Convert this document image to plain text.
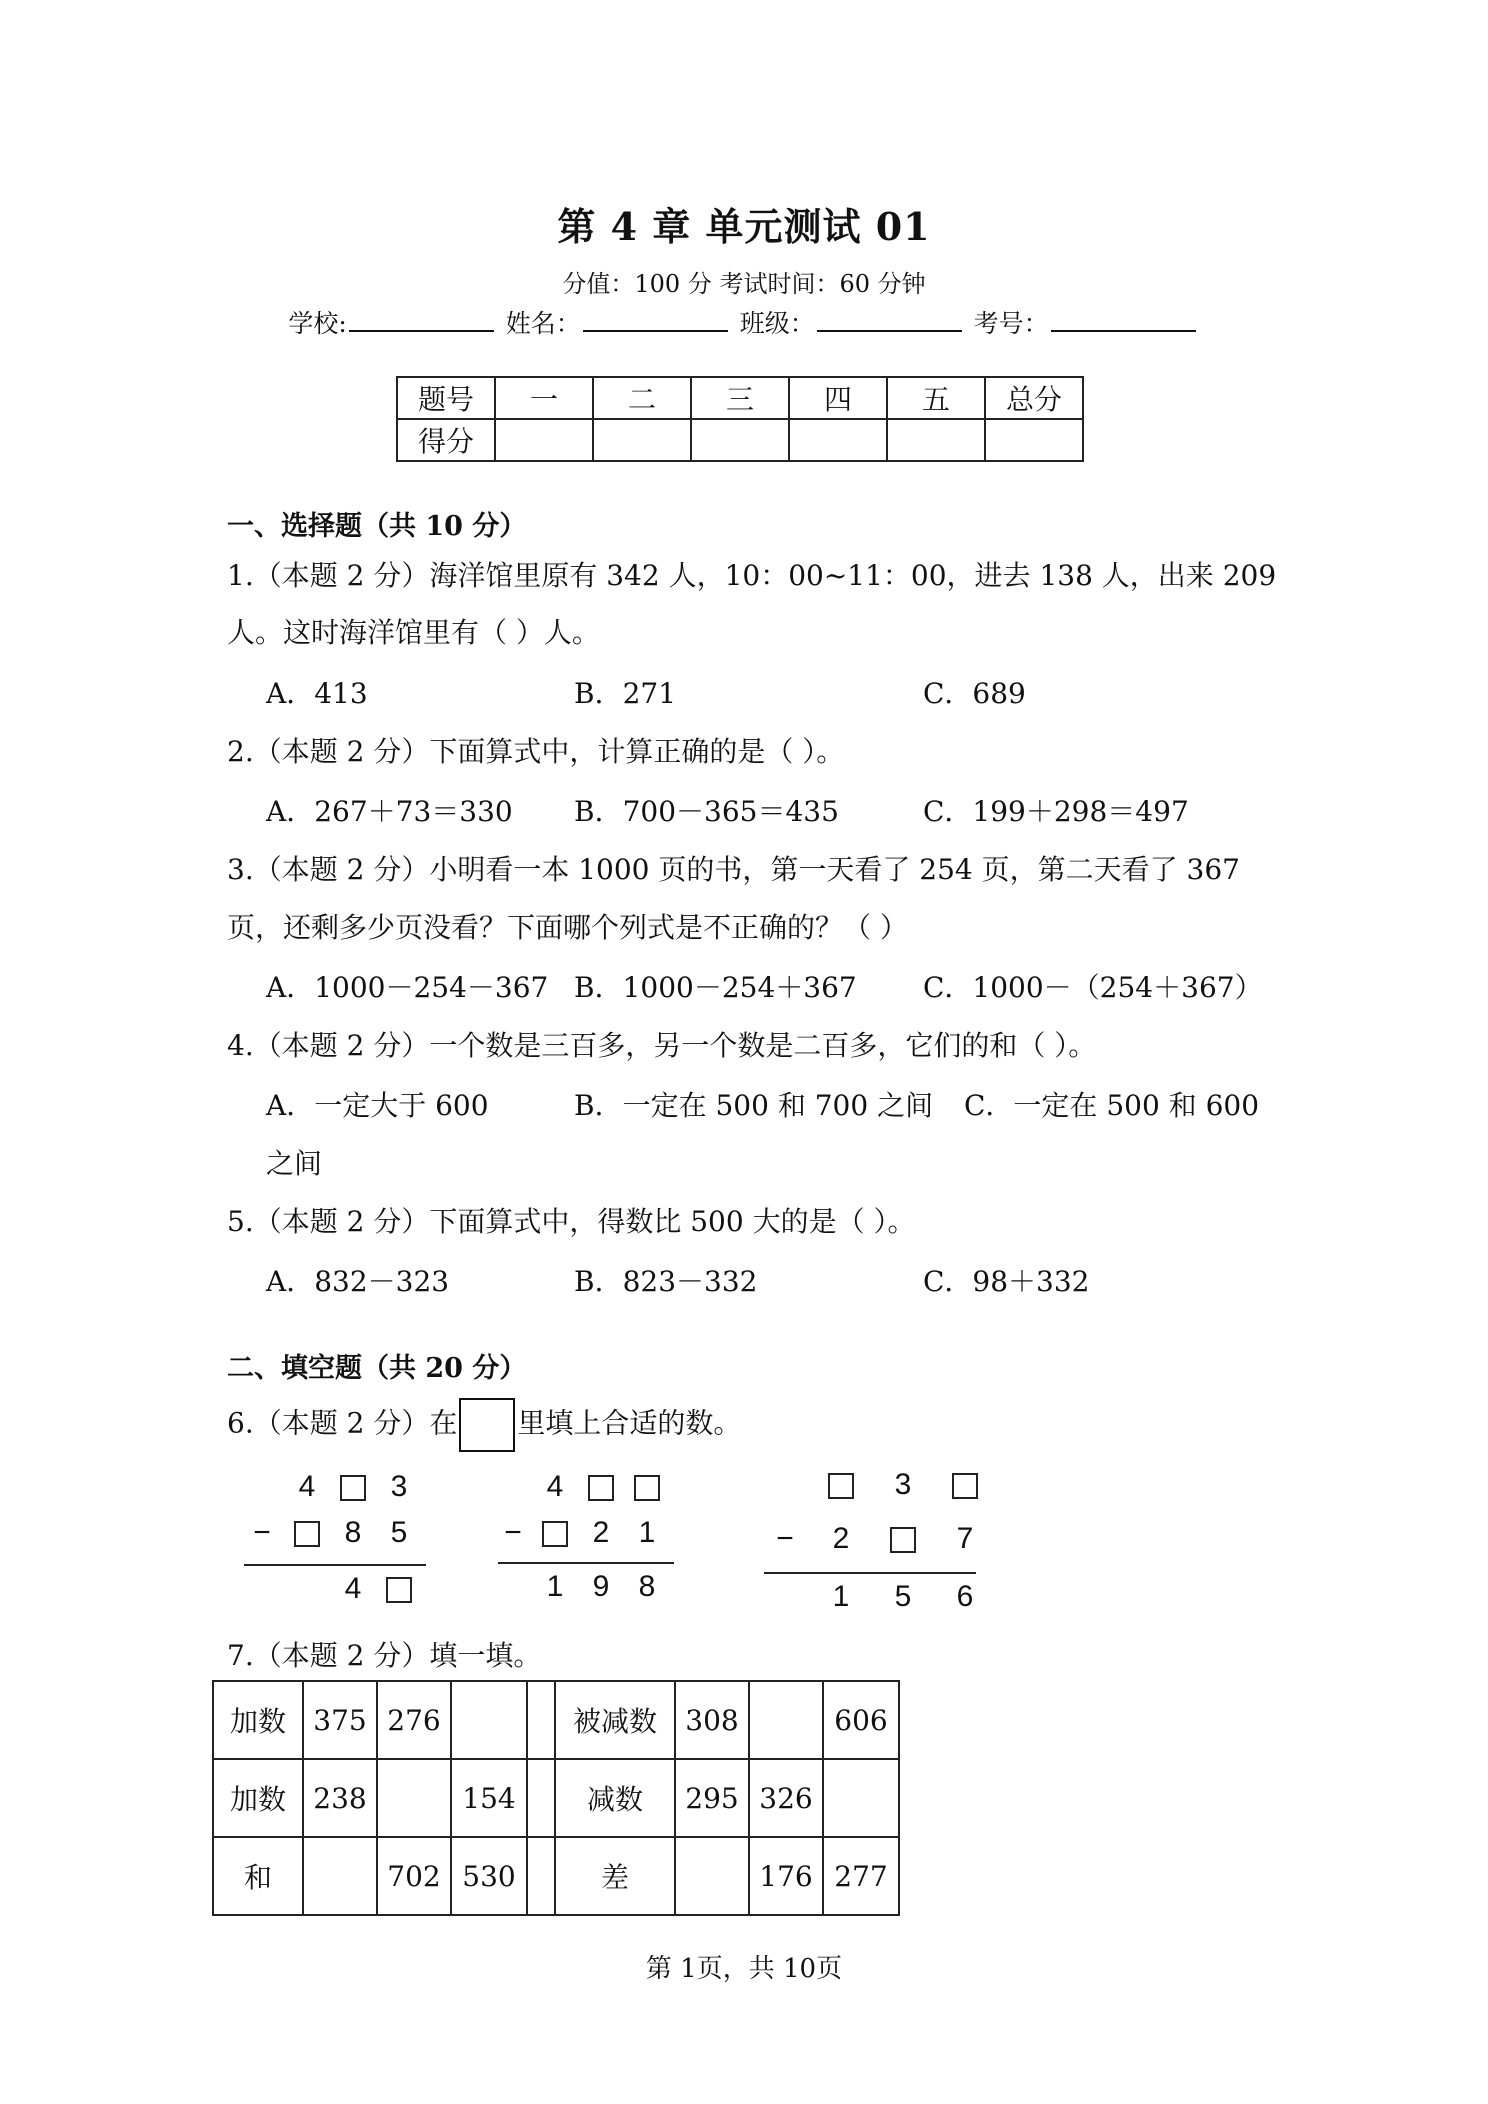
第 4 章 单元测试 01
分值：100 分 考试时间：60 分钟
学校:	姓名：	班级：	考号：
题号	一	二	三	四	五	总分
得分						
一、选择题（共 10 分）
1.（本题 2 分）海洋馆里原有 342 人，10：00~11：00，进去 138 人，出来 209
人。这时海洋馆里有（ ）人。
A．413	B．271	C．689
2.（本题 2 分）下面算式中，计算正确的是（ ）。
A．267＋73＝330 B．700－365＝435	C．199＋298＝497
3.（本题 2 分）小明看一本 1000 页的书，第一天看了 254 页，第二天看了 367
页，还剩多少页没看？下面哪个列式是不正确的？（ ）
A．1000－254－367 B．1000－254＋367 C．1000－（254＋367）
4.（本题 2 分）一个数是三百多，另一个数是二百多，它们的和（ ）。
A．一定大于 600	B．一定在 500 和 700 之间 C．一定在 500 和 600
之间
5.（本题 2 分）下面算式中，得数比 500 大的是（ ）。
A．832－323	B．823－332	C．98＋332
二、填空题（共 20 分）
6.（本题 2 分）在 里填上合适的数。
4	3
− 8 5
4
4
− 2 1
1 9 8
3
− 2	7
1 5 6
7.（本题 2 分）填一填。
加数	375	276			被减数	308		606
加数	238		154		减数	295	326	
和		702	530		差		176	277
第 1页，共 10页
